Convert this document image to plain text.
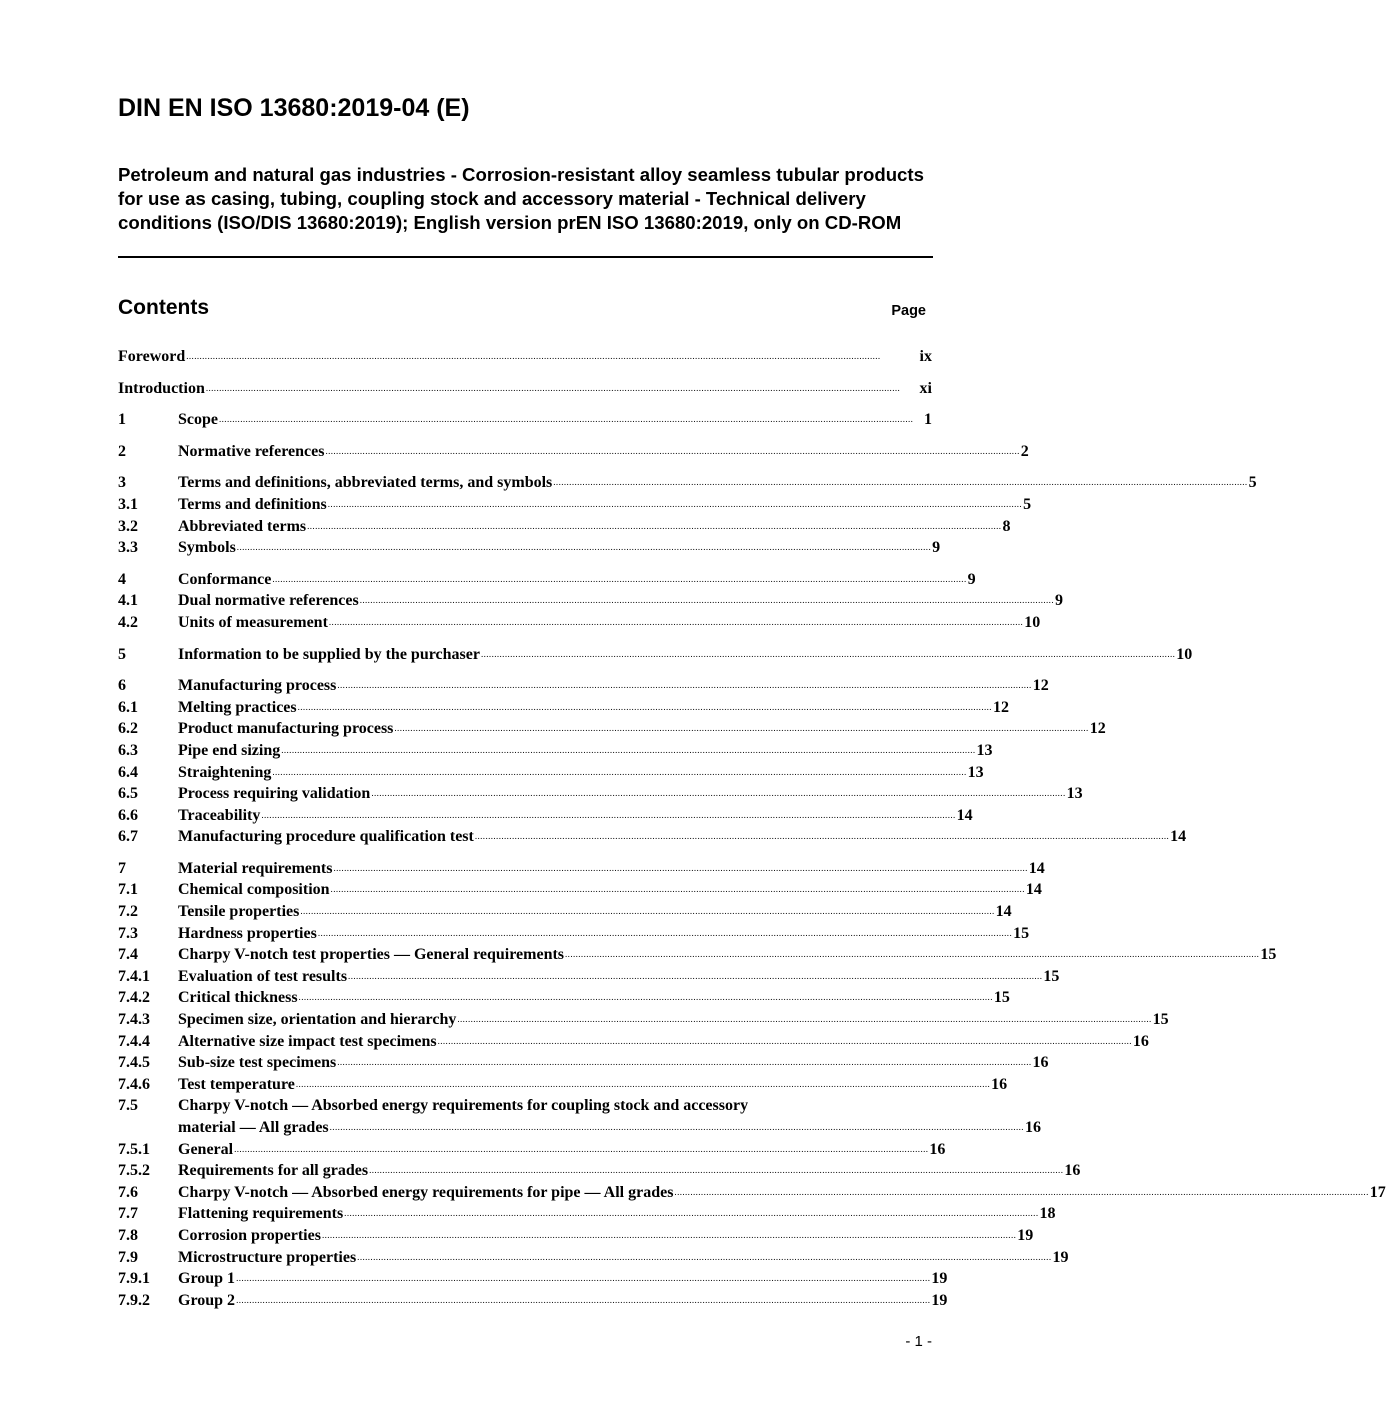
DIN EN ISO 13680:2019-04 (E)

Petroleum and natural gas industries - Corrosion-resistant alloy seamless tubular products for use as casing, tubing, coupling stock and accessory material - Technical delivery conditions (ISO/DIS 13680:2019); English version prEN ISO 13680:2019, only on CD-ROM

Contents	Page
Foreword .....	ix
Introduction .....	xi
1	Scope .....	1
2	Normative references .....	2
3	Terms and definitions, abbreviated terms, and symbols .....	5
3.1	Terms and definitions .....	5
3.2	Abbreviated terms .....	8
3.3	Symbols .....	9
4	Conformance .....	9
4.1	Dual normative references .....	9
4.2	Units of measurement .....	10
5	Information to be supplied by the purchaser .....	10
6	Manufacturing process .....	12
6.1	Melting practices .....	12
6.2	Product manufacturing process .....	12
6.3	Pipe end sizing .....	13
6.4	Straightening .....	13
6.5	Process requiring validation .....	13
6.6	Traceability .....	14
6.7	Manufacturing procedure qualification test .....	14
7	Material requirements .....	14
7.1	Chemical composition .....	14
7.2	Tensile properties .....	14
7.3	Hardness properties .....	15
7.4	Charpy V-notch test properties — General requirements .....	15
7.4.1	Evaluation of test results .....	15
7.4.2	Critical thickness .....	15
7.4.3	Specimen size, orientation and hierarchy .....	15
7.4.4	Alternative size impact test specimens .....	16
7.4.5	Sub-size test specimens .....	16
7.4.6	Test temperature .....	16
7.5	Charpy V-notch — Absorbed energy requirements for coupling stock and accessory
material — All grades .....	16
7.5.1	General .....	16
7.5.2	Requirements for all grades .....	16
7.6	Charpy V-notch — Absorbed energy requirements for pipe — All grades .....	17
7.7	Flattening requirements .....	18
7.8	Corrosion properties .....	19
7.9	Microstructure properties .....	19
7.9.1	Group 1 .....	19
7.9.2	Group 2 .....	19
- 1 -
